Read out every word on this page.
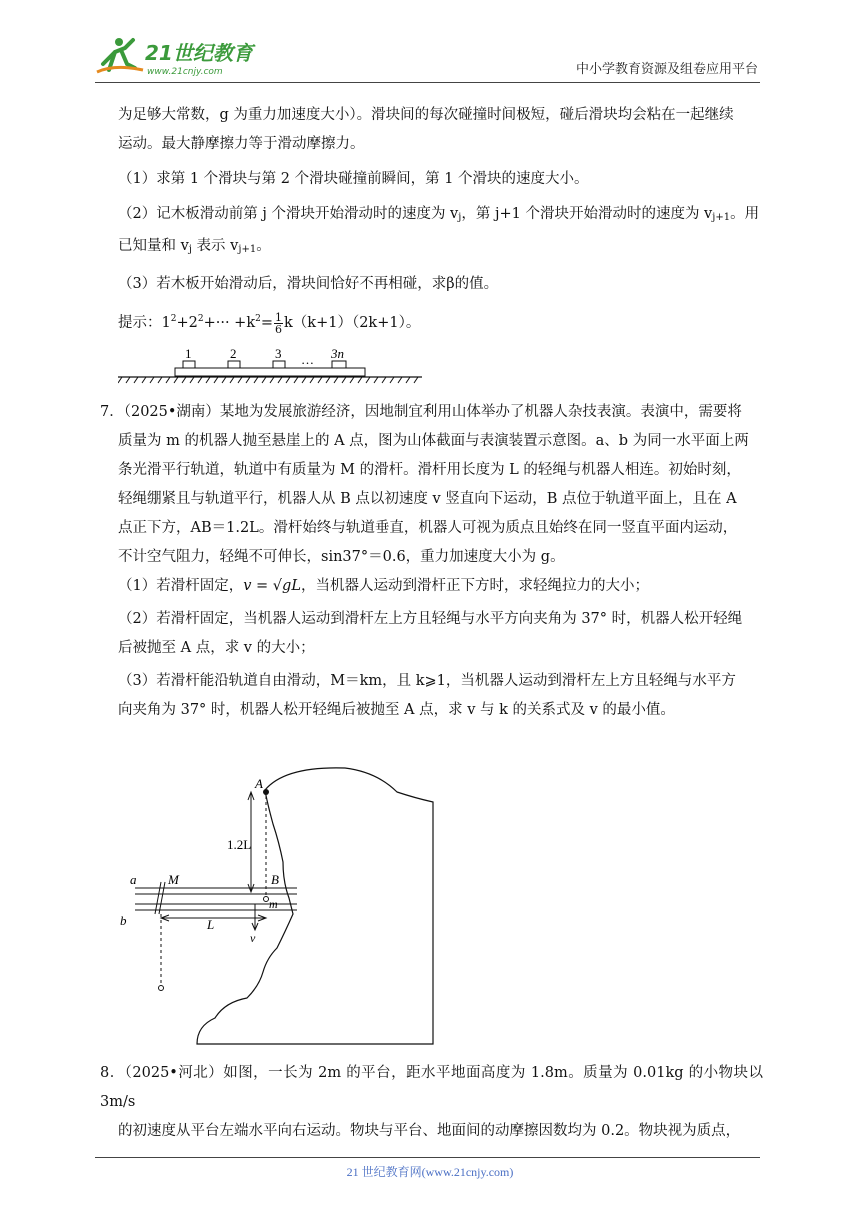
21世纪教育
www.21cnjy.com	中小学教育资源及组卷应用平台

为足够大常数，g 为重力加速度大小）。滑块间的每次碰撞时间极短，碰后滑块均会粘在一起继续

运动。最大静摩擦力等于滑动摩擦力。

（1）求第 1 个滑块与第 2 个滑块碰撞前瞬间，第 1 个滑块的速度大小。

（2）记木板滑动前第 j 个滑块开始滑动时的速度为 $v_j$，第 j+1 个滑块开始滑动时的速度为 $v_{j+1}$。用

已知量和 $v_j$ 表示 $v_{j+1}$。

（3）若木板开始滑动后，滑块间恰好不再相碰，求β的值。

提示：$1^2+2^2+\cdot\cdot\cdot +k^2= \frac{1}{6} k(k+1)(2k+1)$。

1	2	3 … 3n

7．（2025•湖南）某地为发展旅游经济，因地制宜利用山体举办了机器人杂技表演。表演中，需要将

质量为 m 的机器人抛至悬崖上的 A 点，图为山体截面与表演装置示意图。a、b 为同一水平面上两

条光滑平行轨道，轨道中有质量为 M 的滑杆。滑杆用长度为 L 的轻绳与机器人相连。初始时刻，

轻绳绷紧且与轨道平行，机器人从 B 点以初速度 v 竖直向下运动，B 点位于轨道平面上，且在 A

点正下方，AB＝1.2L。滑杆始终与轨道垂直，机器人可视为质点且始终在同一竖直平面内运动，

不计空气阻力，轻绳不可伸长，sin37°＝0.6，重力加速度大小为 g。

（1）若滑杆固定，v = √gL，当机器人运动到滑杆正下方时，求轻绳拉力的大小；

（2）若滑杆固定，当机器人运动到滑杆左上方且轻绳与水平方向夹角为 37° 时，机器人松开轻绳

后被抛至 A 点，求 v 的大小；

（3）若滑杆能沿轨道自由滑动，M＝km，且 k⩾1，当机器人运动到滑杆左上方且轻绳与水平方

向夹角为 37° 时，机器人松开轻绳后被抛至 A 点，求 v 与 k 的关系式及 v 的最小值。

A
1.2L
a
b
M	B
m
L
v

8．（2025•河北）如图，一长为 2m 的平台，距水平地面高度为 1.8m。质量为 0.01kg 的小物块以 3m/s

的初速度从平台左端水平向右运动。物块与平台、地面间的动摩擦因数均为 0.2。物块视为质点，

21 世纪教育网(www.21cnjy.com)
